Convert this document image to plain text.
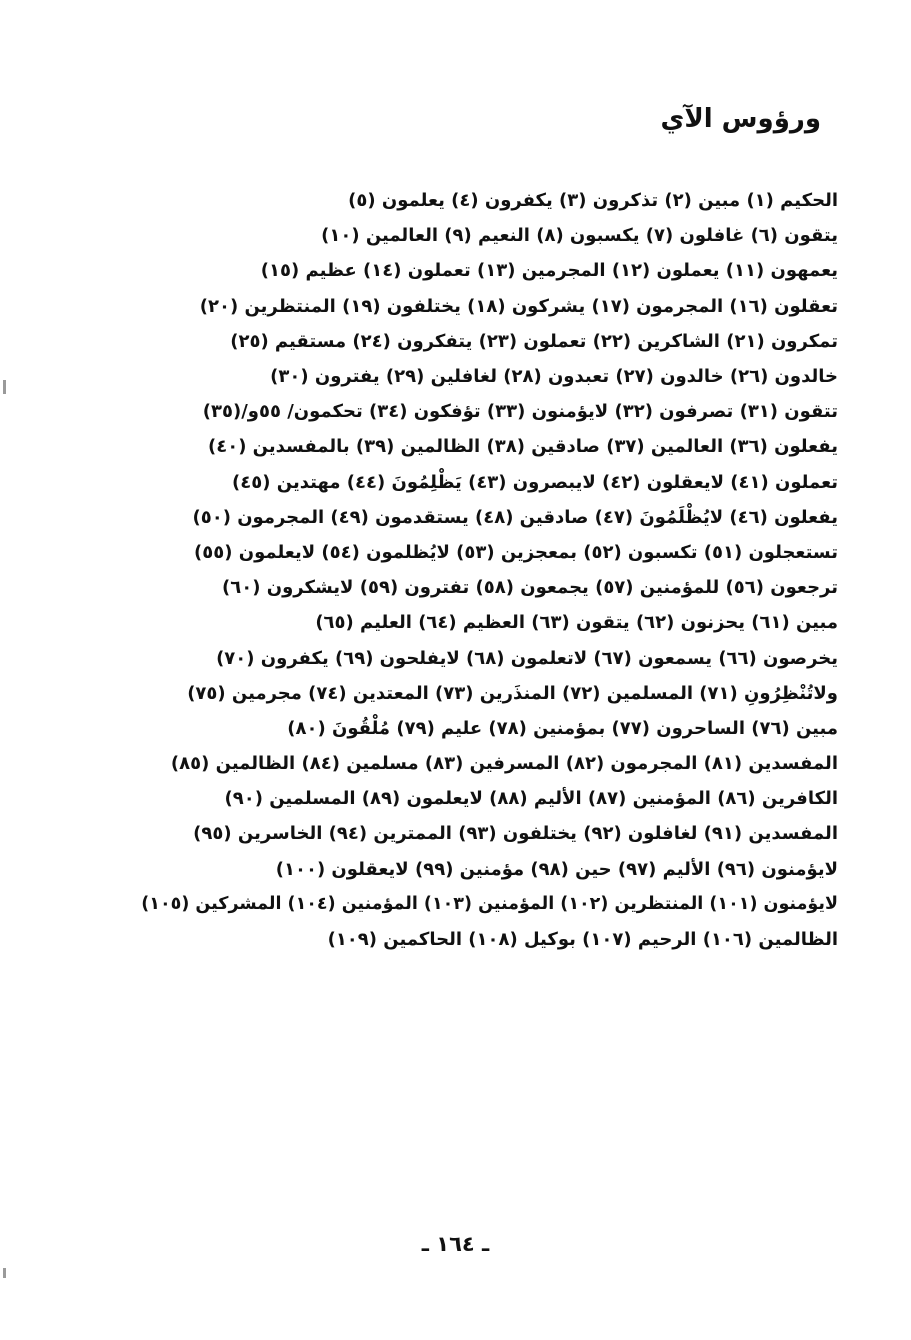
ورؤوس الآي
الحكيم (١) مبين (٢) تذكرون (٣) يكفرون (٤) يعلمون (٥)
يتقون (٦) غافلون (٧) يكسبون (٨) النعيم (٩) العالمين (١٠)
يعمهون (١١) يعملون (١٢) المجرمين (١٣) تعملون (١٤) عظيم (١٥)
تعقلون (١٦) المجرمون (١٧) يشركون (١٨) يختلفون (١٩) المنتظرين (٢٠)
تمكرون (٢١) الشاكرين (٢٢) تعملون (٢٣) يتفكرون (٢٤) مستقيم (٢٥)
خالدون (٢٦) خالدون (٢٧) تعبدون (٢٨) لغافلين (٢٩) يفترون (٣٠)
تتقون (٣١) تصرفون (٣٢) لايؤمنون (٣٣) تؤفكون (٣٤) تحكمون/ ٥٥و/(٣٥)
يفعلون (٣٦) العالمين (٣٧) صادقين (٣٨) الظالمين (٣٩) بالمفسدين (٤٠)
تعملون (٤١) لايعقلون (٤٢) لايبصرون (٤٣) يَظْلِمُونَ (٤٤) مهتدين (٤٥)
يفعلون (٤٦) لايُظْلَمُونَ (٤٧) صادقين (٤٨) يستقدمون (٤٩) المجرمون (٥٠)
تستعجلون (٥١) تكسبون (٥٢) بمعجزين (٥٣) لايُظلمون (٥٤) لايعلمون (٥٥)
ترجعون (٥٦) للمؤمنين (٥٧) يجمعون (٥٨) تفترون (٥٩) لايشكرون (٦٠)
مبين (٦١) يحزنون (٦٢) يتقون (٦٣) العظيم (٦٤) العليم (٦٥)
يخرصون (٦٦) يسمعون (٦٧) لاتعلمون (٦٨) لايفلحون (٦٩) يكفرون (٧٠)
ولاتُنْظِرُونِ (٧١) المسلمين (٧٢) المنذَرين (٧٣) المعتدين (٧٤) مجرمين (٧٥)
مبين (٧٦) الساحرون (٧٧) بمؤمنين (٧٨) عليم (٧٩) مُلْقُونَ (٨٠)
المفسدين (٨١) المجرمون (٨٢) المسرفين (٨٣) مسلمين (٨٤) الظالمين (٨٥)
الكافرين (٨٦) المؤمنين (٨٧) الأليم (٨٨) لايعلمون (٨٩) المسلمين (٩٠)
المفسدين (٩١) لغافلون (٩٢) يختلفون (٩٣) الممترين (٩٤) الخاسرين (٩٥)
لايؤمنون (٩٦) الأليم (٩٧) حين (٩٨) مؤمنين (٩٩) لايعقلون (١٠٠)
لايؤمنون (١٠١) المنتظرين (١٠٢) المؤمنين (١٠٣) المؤمنين (١٠٤) المشركين (١٠٥)
الظالمين (١٠٦) الرحيم (١٠٧) بوكيل (١٠٨) الحاكمين (١٠٩)
ـ ١٦٤ ـ
